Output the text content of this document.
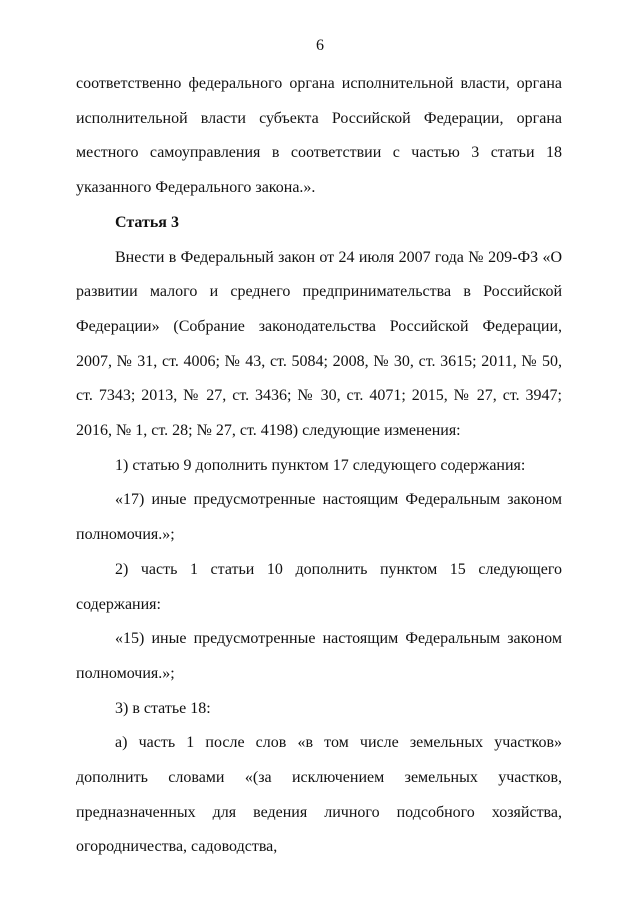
6

соответственно федерального органа исполнительной власти, органа исполнительной власти субъекта Российской Федерации, органа местного самоуправления в соответствии с частью 3 статьи 18 указанного Федерального закона.».

Статья 3

Внести в Федеральный закон от 24 июля 2007 года № 209-ФЗ «О развитии малого и среднего предпринимательства в Российской Федерации» (Собрание законодательства Российской Федерации, 2007, № 31, ст. 4006; № 43, ст. 5084; 2008, № 30, ст. 3615; 2011, № 50, ст. 7343; 2013, № 27, ст. 3436; № 30, ст. 4071; 2015, № 27, ст. 3947; 2016, № 1, ст. 28; № 27, ст. 4198) следующие изменения:

1) статью 9 дополнить пунктом 17 следующего содержания:

«17) иные предусмотренные настоящим Федеральным законом полномочия.»;

2) часть 1 статьи 10 дополнить пунктом 15 следующего содержания:

«15) иные предусмотренные настоящим Федеральным законом полномочия.»;

3) в статье 18:

а) часть 1 после слов «в том числе земельных участков» дополнить словами «(за исключением земельных участков, предназначенных для ведения личного подсобного хозяйства, огородничества, садоводства,
